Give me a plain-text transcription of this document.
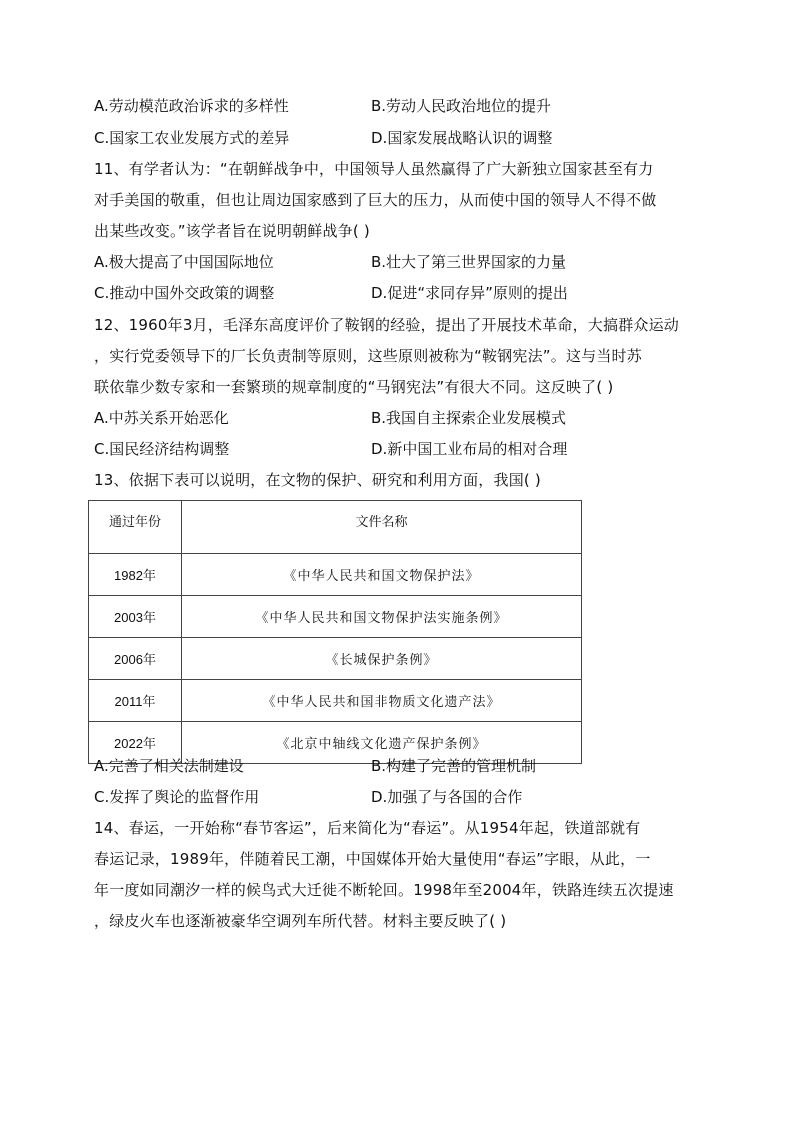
A.劳动模范政治诉求的多样性	B.劳动人民政治地位的提升
C.国家工农业发展方式的差异	D.国家发展战略认识的调整
11、有学者认为：“在朝鲜战争中，中国领导人虽然赢得了广大新独立国家甚至有力
对手美国的敬重，但也让周边国家感到了巨大的压力，从而使中国的领导人不得不做
出某些改变。”该学者旨在说明朝鲜战争( )
A.极大提高了中国国际地位	B.壮大了第三世界国家的力量
C.推动中国外交政策的调整	D.促进“求同存异”原则的提出
12、1960年3月，毛泽东高度评价了鞍钢的经验，提出了开展技术革命，大搞群众运动
，实行党委领导下的厂长负责制等原则，这些原则被称为“鞍钢宪法”。这与当时苏
联依靠少数专家和一套繁琐的规章制度的“马钢宪法”有很大不同。这反映了( )
A.中苏关系开始恶化	B.我国自主探索企业发展模式
C.国民经济结构调整	D.新中国工业布局的相对合理
13、依据下表可以说明，在文物的保护、研究和利用方面，我国( )
通过年份	文件名称
1982年	《中华人民共和国文物保护法》
2003年	《中华人民共和国文物保护法实施条例》
2006年	《长城保护条例》
2011年	《中华人民共和国非物质文化遗产法》
2022年	《北京中轴线文化遗产保护条例》
A.完善了相关法制建设	B.构建了完善的管理机制
C.发挥了舆论的监督作用	D.加强了与各国的合作
14、春运，一开始称“春节客运”，后来简化为“春运”。从1954年起，铁道部就有
春运记录，1989年，伴随着民工潮，中国媒体开始大量使用“春运”字眼，从此，一
年一度如同潮汐一样的候鸟式大迁徙不断轮回。1998年至2004年，铁路连续五次提速
，绿皮火车也逐渐被豪华空调列车所代替。材料主要反映了( )
